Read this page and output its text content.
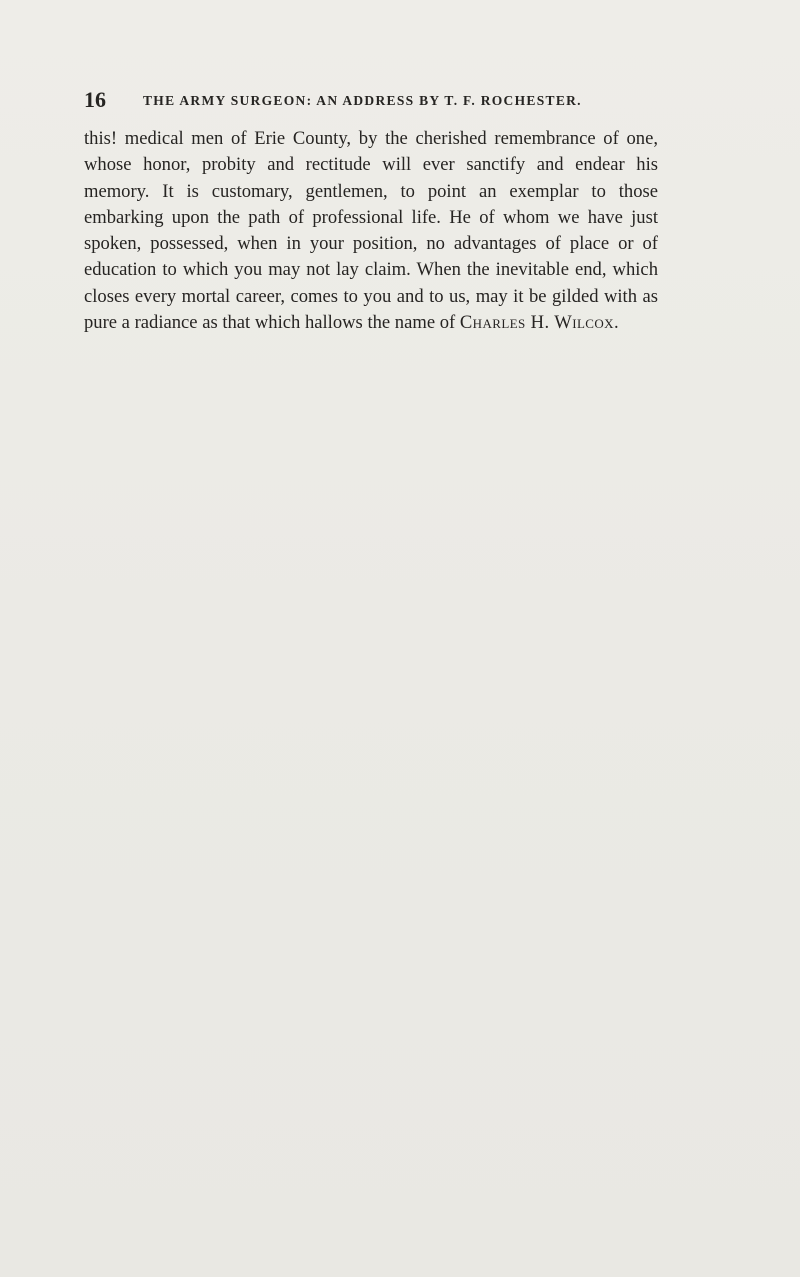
16	THE ARMY SURGEON: AN ADDRESS BY T. F. ROCHESTER.

this! medical men of Erie County, by the cherished remembrance of one, whose honor, probity and rectitude will ever sanctify and endear his memory. It is customary, gentlemen, to point an exemplar to those embarking upon the path of professional life. He of whom we have just spoken, possessed, when in your position, no advantages of place or of education to which you may not lay claim. When the inevitable end, which closes every mortal career, comes to you and to us, may it be gilded with as pure a radiance as that which hallows the name of Charles H. Wilcox.
